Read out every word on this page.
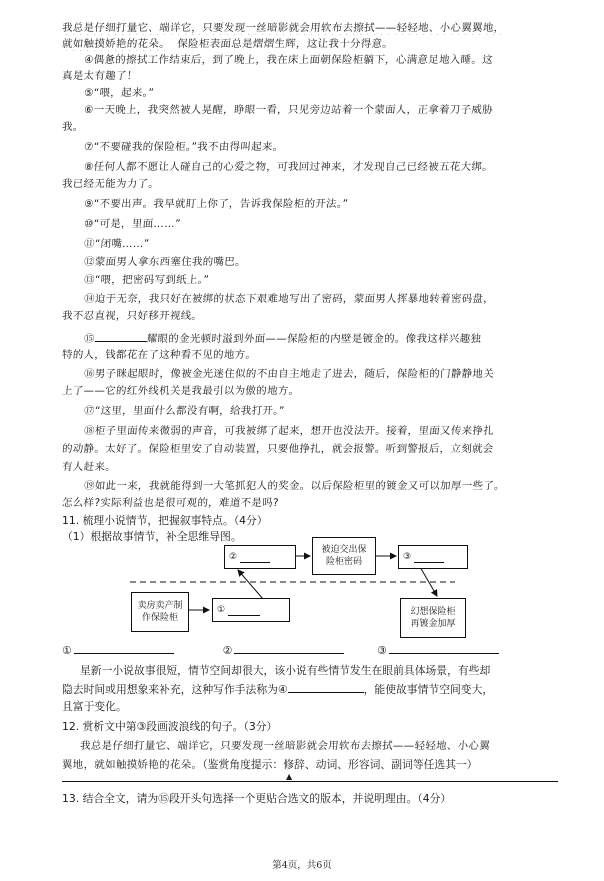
我总是仔细打量它、端详它，只要发现一丝暗影就会用软布去擦拭——轻轻地、小心翼翼地，
就如触摸娇艳的花朵。 保险柜表面总是熠熠生辉，这让我十分得意。
④偶惫的擦拭工作结束后，到了晚上，我在床上面朝保险柜躺下，心满意足地入睡。这
真是太有趣了！
⑤“喂，起来。”
⑥一天晚上，我突然被人晃醒，睁眼一看，只见旁边站着一个蒙面人，正拿着刀子威胁
我。
⑦“不要碰我的保险柜。”我不由得叫起来。
⑧任何人都不愿让人碰自己的心爱之物，可我回过神来，才发现自己已经被五花大绑。
我已经无能为力了。
⑨“不要出声。我早就盯上你了，告诉我保险柜的开法。”
⑩“可是，里面……”
⑪“闭嘴……”
⑫蒙面男人拿东西塞住我的嘴巴。
⑬“喂，把密码写到纸上。”
⑭迫于无奈，我只好在被绑的状态下艰难地写出了密码，蒙面男人挥暴地转着密码盘，
我不忍直视，只好移开视线。
⑮	耀眼的金光顿时溢到外面——保险柜的内壁是镀金的。像我这样兴趣独
特的人，钱都花在了这种看不见的地方。
⑯男子眯起眼时，像被金光迷住似的不由自主地走了进去，随后，保险柜的门静静地关
上了——它的红外线机关是我最引以为傲的地方。
⑰“这里，里面什么都没有啊，给我打开。”
⑱柜子里面传来微弱的声音，可我被绑了起来，想开也没法开。接着，里面又传来挣扎
的动静。太好了。保险柜里安了自动装置，只要他挣扎，就会报警。听到警报后，立刻就会
有人赶来。
⑲如此一来，我就能得到一大笔抓犯人的奖金。以后保险柜里的镀金又可以加厚一些了。
怎么样?实际利益也是很可观的，难道不是吗?
11. 梳理小说情节，把握叙事特点。（4分）
（1）根据故事情节，补全思维导图。
卖房卖产制
作保险柜
①
②
被迫交出保
险柜密码	③
幻想保险柜
再镀金加厚
①	②	③
星新一小说故事很短，情节空间却很大，该小说有些情节发生在眼前具体场景，有些却
隐去时间或用想象来补充，这种写作手法称为④	，能使故事情节空间变大，
且富于变化。
12. 赏析文中第③段画波浪线的句子。（3分）
我总是仔细打量它、端详它，只要发现一丝暗影就会用软布去擦拭——轻轻地、小心翼
翼地，就如触摸娇艳的花朵。（鉴赏角度提示：修辞、动词、形容词、副词等任选其一）
▲
13. 结合全文，请为⑮段开头句选择一个更贴合选文的版本，并说明理由。（4分）
第4页，共6页
